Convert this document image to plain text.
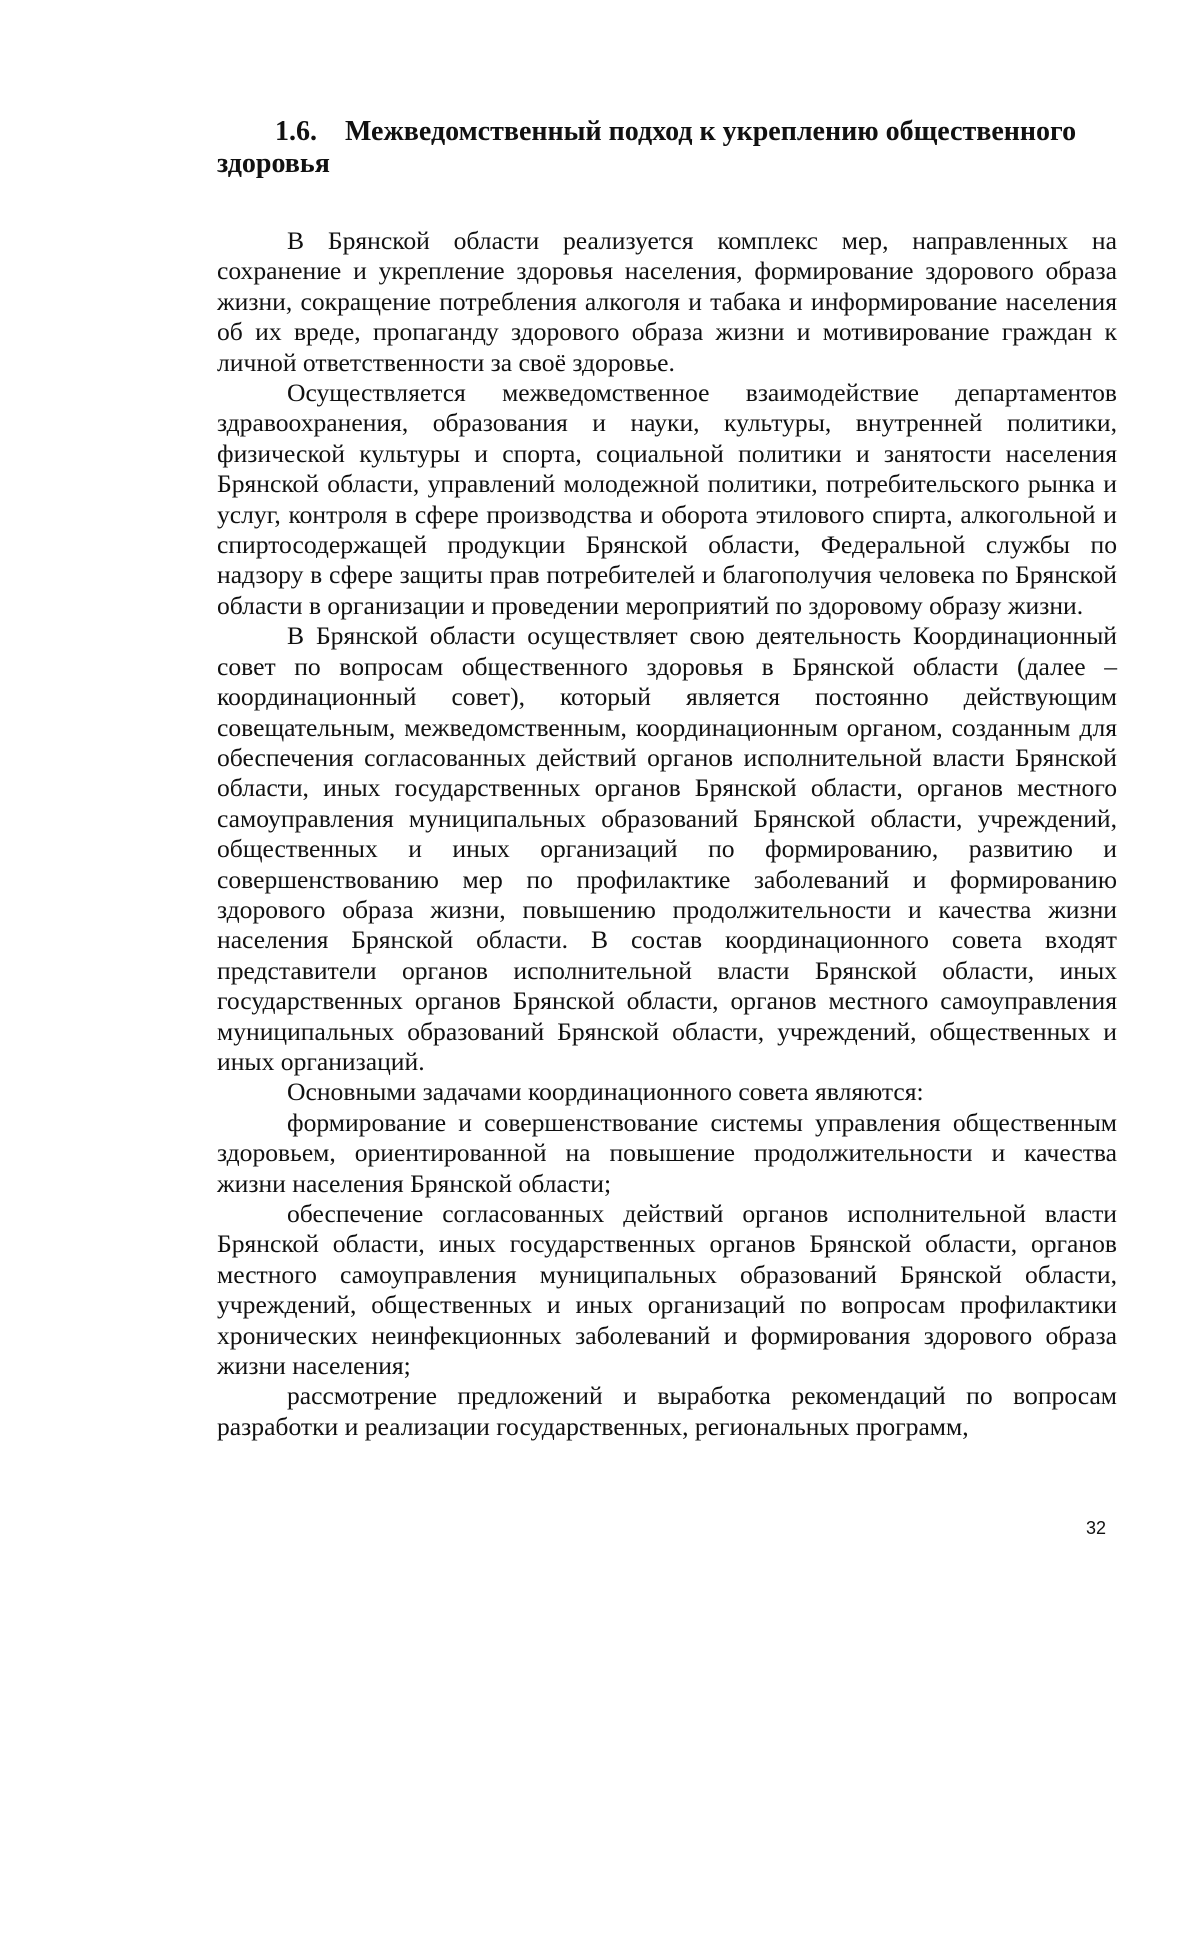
1.6. Межведомственный подход к укреплению общественного здоровья

В Брянской области реализуется комплекс мер, направленных на сохранение и укрепление здоровья населения, формирование здорового образа жизни, сокращение потребления алкоголя и табака и информирование населения об их вреде, пропаганду здорового образа жизни и мотивирование граждан к личной ответственности за своё здоровье.

Осуществляется межведомственное взаимодействие департаментов здравоохранения, образования и науки, культуры, внутренней политики, физической культуры и спорта, социальной политики и занятости населения Брянской области, управлений молодежной политики, потребительского рынка и услуг, контроля в сфере производства и оборота этилового спирта, алкогольной и спиртосодержащей продукции Брянской области, Федеральной службы по надзору в сфере защиты прав потребителей и благополучия человека по Брянской области в организации и проведении мероприятий по здоровому образу жизни.

В Брянской области осуществляет свою деятельность Координационный совет по вопросам общественного здоровья в Брянской области (далее – координационный совет), который является постоянно действующим совещательным, межведомственным, координационным органом, созданным для обеспечения согласованных действий органов исполнительной власти Брянской области, иных государственных органов Брянской области, органов местного самоуправления муниципальных образований Брянской области, учреждений, общественных и иных организаций по формированию, развитию и совершенствованию мер по профилактике заболеваний и формированию здорового образа жизни, повышению продолжительности и качества жизни населения Брянской области. В состав координационного совета входят представители органов исполнительной власти Брянской области, иных государственных органов Брянской области, органов местного самоуправления муниципальных образований Брянской области, учреждений, общественных и иных организаций.

Основными задачами координационного совета являются:

формирование и совершенствование системы управления общественным здоровьем, ориентированной на повышение продолжительности и качества жизни населения Брянской области;

обеспечение согласованных действий органов исполнительной власти Брянской области, иных государственных органов Брянской области, органов местного самоуправления муниципальных образований Брянской области, учреждений, общественных и иных организаций по вопросам профилактики хронических неинфекционных заболеваний и формирования здорового образа жизни населения;

рассмотрение предложений и выработка рекомендаций по вопросам разработки и реализации государственных, региональных программ,

32
